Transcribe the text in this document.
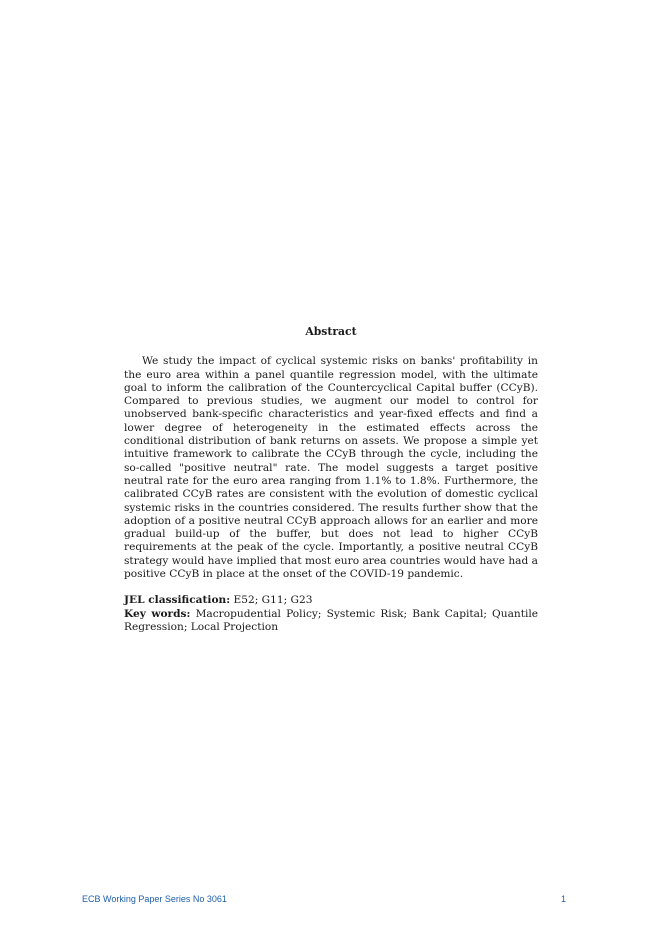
Abstract

We study the impact of cyclical systemic risks on banks' profitability in the euro area within a panel quantile regression model, with the ultimate goal to inform the calibration of the Countercyclical Capital buffer (CCyB). Compared to previous studies, we augment our model to control for unobserved bank-specific characteristics and year-fixed effects and find a lower degree of heterogeneity in the estimated effects across the conditional distribution of bank returns on assets. We propose a simple yet intuitive framework to calibrate the CCyB through the cycle, including the so-called "positive neutral" rate. The model suggests a target positive neutral rate for the euro area ranging from 1.1% to 1.8%. Furthermore, the calibrated CCyB rates are consistent with the evolution of domestic cyclical systemic risks in the countries considered. The results further show that the adoption of a positive neutral CCyB approach allows for an earlier and more gradual build-up of the buffer, but does not lead to higher CCyB requirements at the peak of the cycle. Importantly, a positive neutral CCyB strategy would have implied that most euro area countries would have had a positive CCyB in place at the onset of the COVID-19 pandemic.

JEL classification: E52; G11; G23

Key words: Macropudential Policy; Systemic Risk; Bank Capital; Quantile Regression; Local Projection

ECB Working Paper Series No 3061	1
